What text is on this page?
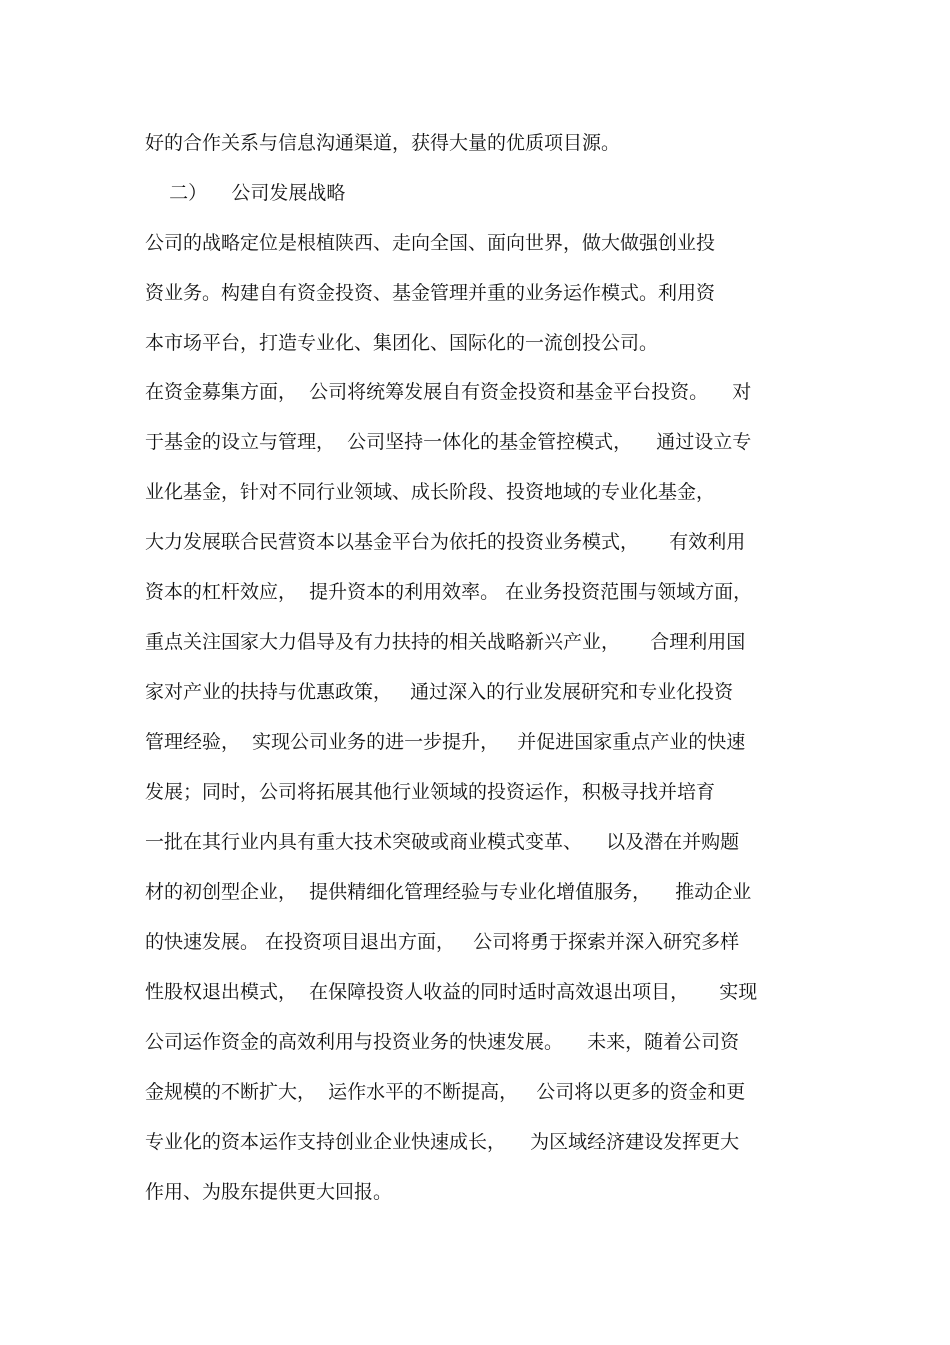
好的合作关系与信息沟通渠道，获得大量的优质项目源。

二）    公司发展战略

公司的战略定位是根植陕西、走向全国、面向世界，做大做强创业投

资业务。构建自有资金投资、基金管理并重的业务运作模式。利用资

本市场平台，打造专业化、集团化、国际化的一流创投公司。

在资金募集方面，  公司将统筹发展自有资金投资和基金平台投资。    对

于基金的设立与管理，  公司坚持一体化的基金管控模式，    通过设立专

业化基金，针对不同行业领域、成长阶段、投资地域的专业化基金，

大力发展联合民营资本以基金平台为依托的投资业务模式，     有效利用

资本的杠杆效应，  提升资本的利用效率。 在业务投资范围与领域方面，

重点关注国家大力倡导及有力扶持的相关战略新兴产业，     合理利用国

家对产业的扶持与优惠政策，   通过深入的行业发展研究和专业化投资

管理经验，  实现公司业务的进一步提升，   并促进国家重点产业的快速

发展；同时，公司将拓展其他行业领域的投资运作，积极寻找并培育

一批在其行业内具有重大技术突破或商业模式变革、    以及潜在并购题

材的初创型企业，  提供精细化管理经验与专业化增值服务，    推动企业

的快速发展。 在投资项目退出方面，   公司将勇于探索并深入研究多样

性股权退出模式，  在保障投资人收益的同时适时高效退出项目，     实现

公司运作资金的高效利用与投资业务的快速发展。    未来，随着公司资

金规模的不断扩大，  运作水平的不断提高，   公司将以更多的资金和更

专业化的资本运作支持创业企业快速成长，    为区域经济建设发挥更大

作用、为股东提供更大回报。
